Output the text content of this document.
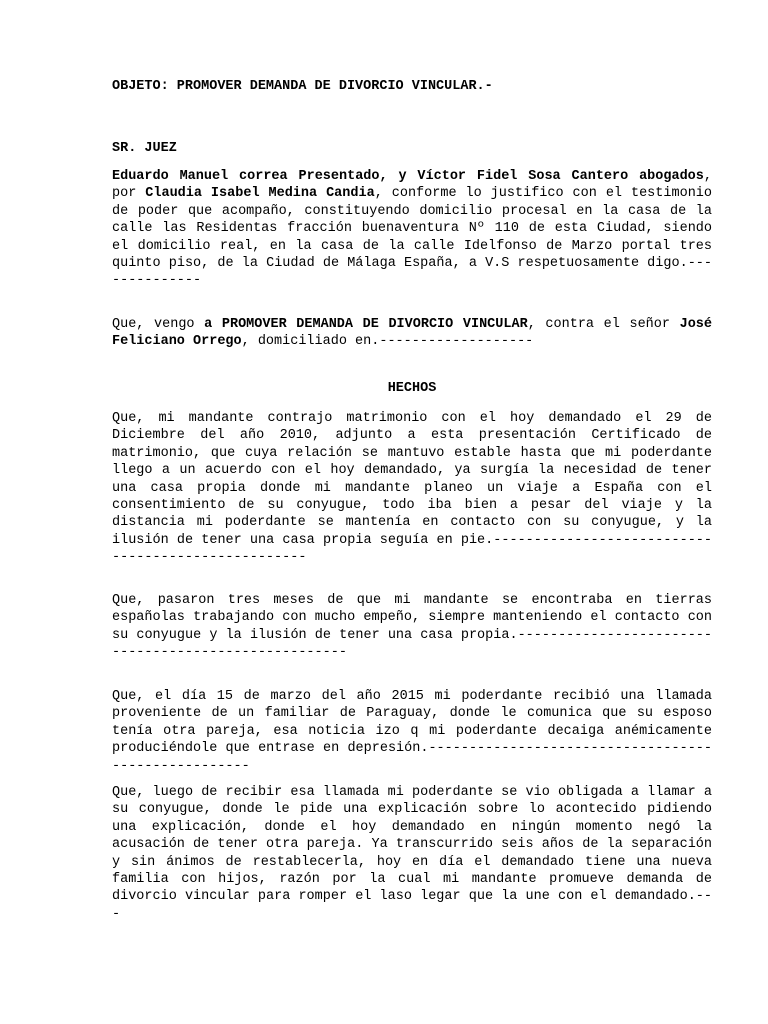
OBJETO: PROMOVER DEMANDA DE DIVORCIO VINCULAR.-
SR. JUEZ

Eduardo Manuel correa Presentado, y Víctor Fidel Sosa Cantero abogados, por Claudia Isabel Medina Candia, conforme lo justifico con el testimonio de poder que acompaño, constituyendo domicilio procesal en la casa de la calle las Residentas fracción buenaventura Nº 110 de esta Ciudad, siendo el domicilio real, en la casa de la calle Idelfonso de Marzo portal tres quinto piso, de la Ciudad de Málaga España, a V.S respetuosamente digo.--------------

Que, vengo a PROMOVER DEMANDA DE DIVORCIO VINCULAR, contra el señor José Feliciano Orrego, domiciliado en.-------------------

HECHOS

Que, mi mandante contrajo matrimonio con el hoy demandado el 29 de Diciembre del año 2010, adjunto a esta presentación Certificado de matrimonio, que cuya relación se mantuvo estable hasta que mi poderdante llego a un acuerdo con el hoy demandado, ya surgía la necesidad de tener una casa propia donde mi mandante planeo un viaje a España con el consentimiento de su conyugue, todo iba bien a pesar del viaje y la distancia mi poderdante se mantenía en contacto con su conyugue, y la ilusión de tener una casa propia seguía en pie.---------------------------------------------------

Que, pasaron tres meses de que mi mandante se encontraba en tierras españolas trabajando con mucho empeño, siempre manteniendo el contacto con su conyugue y la ilusión de tener una casa propia.-----------------------------------------------------

Que, el día 15 de marzo del año 2015 mi poderdante recibió una llamada proveniente de un familiar de Paraguay, donde le comunica que su esposo tenía otra pareja, esa noticia izo q mi poderdante decaiga anémicamente produciéndole que entrase en depresión.----------------------------------------------------

Que, luego de recibir esa llamada mi poderdante se vio obligada a llamar a su conyugue, donde le pide una explicación sobre lo acontecido pidiendo una explicación, donde el hoy demandado en ningún momento negó la acusación de tener otra pareja. Ya transcurrido seis años de la separación y sin ánimos de restablecerla, hoy en día el demandado tiene una nueva familia con hijos, razón por la cual mi mandante promueve demanda de divorcio vincular para romper el laso legar que la une con el demandado.---
